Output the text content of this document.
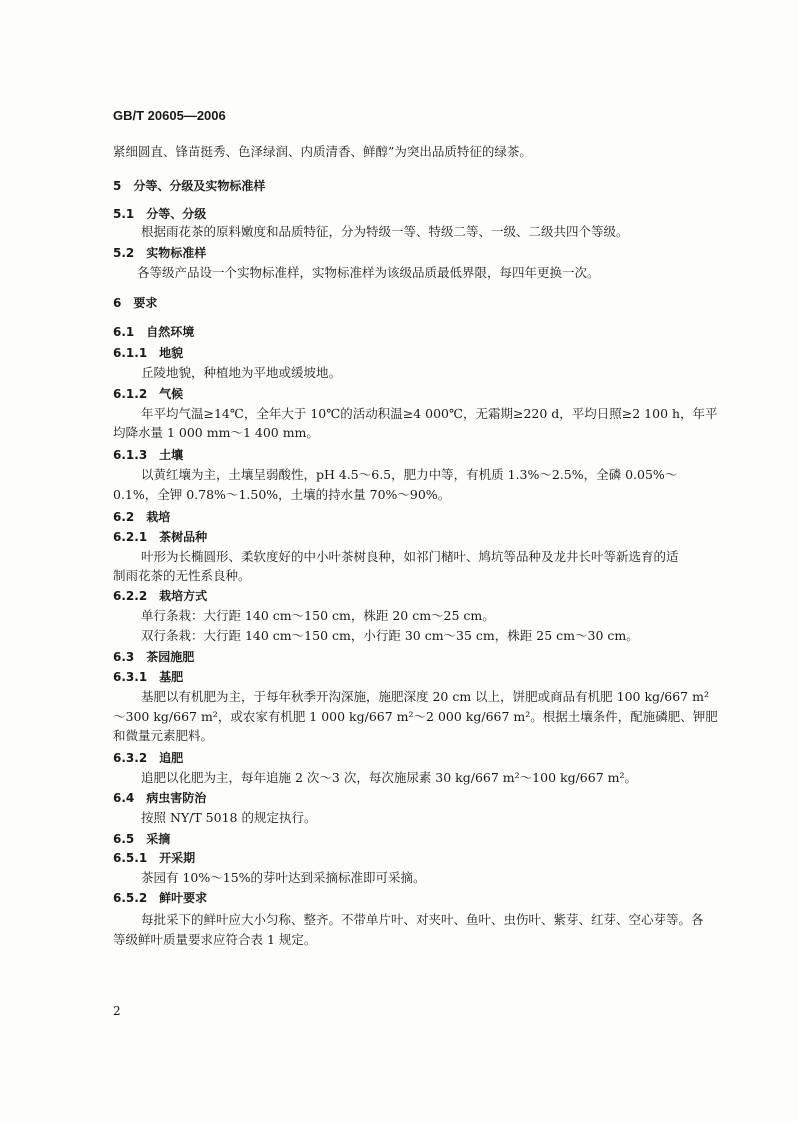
GB/T 20605—2006
紧细圆直、锋苗挺秀、色泽绿润、内质清香、鲜醇”为突出品质特征的绿茶。
5 分等、分级及实物标准样
5.1 分等、分级
根据雨花茶的原料嫩度和品质特征，分为特级一等、特级二等、一级、二级共四个等级。
5.2 实物标准样
各等级产品设一个实物标准样，实物标准样为该级品质最低界限，每四年更换一次。
6 要求
6.1 自然环境
6.1.1 地貌
丘陵地貌，种植地为平地或缓坡地。
6.1.2 气候
年平均气温≥14℃，全年大于 10℃的活动积温≥4 000℃，无霜期≥220 d，平均日照≥2 100 h，年平
均降水量 1 000 mm～1 400 mm。
6.1.3 土壤
以黄红壤为主，土壤呈弱酸性，pH 4.5～6.5，肥力中等，有机质 1.3%～2.5%，全磷 0.05%～
0.1%，全钾 0.78%～1.50%，土壤的持水量 70%～90%。
6.2 栽培
6.2.1 茶树品种
叶形为长椭圆形、柔软度好的中小叶茶树良种，如祁门槠叶、鸠坑等品种及龙井长叶等新选育的适
制雨花茶的无性系良种。
6.2.2 栽培方式
单行条栽：大行距 140 cm～150 cm，株距 20 cm～25 cm。
双行条栽：大行距 140 cm～150 cm，小行距 30 cm～35 cm，株距 25 cm～30 cm。
6.3 茶园施肥
6.3.1 基肥
基肥以有机肥为主，于每年秋季开沟深施，施肥深度 20 cm 以上，饼肥或商品有机肥 100 kg/667 m²
～300 kg/667 m²，或农家有机肥 1 000 kg/667 m²～2 000 kg/667 m²。根据土壤条件，配施磷肥、钾肥
和微量元素肥料。
6.3.2 追肥
追肥以化肥为主，每年追施 2 次～3 次，每次施尿素 30 kg/667 m²～100 kg/667 m²。
6.4 病虫害防治
按照 NY/T 5018 的规定执行。
6.5 采摘
6.5.1 开采期
茶园有 10%～15%的芽叶达到采摘标准即可采摘。
6.5.2 鲜叶要求
每批采下的鲜叶应大小匀称、整齐。不带单片叶、对夹叶、鱼叶、虫伤叶、紫芽、红芽、空心芽等。各
等级鲜叶质量要求应符合表 1 规定。
2
